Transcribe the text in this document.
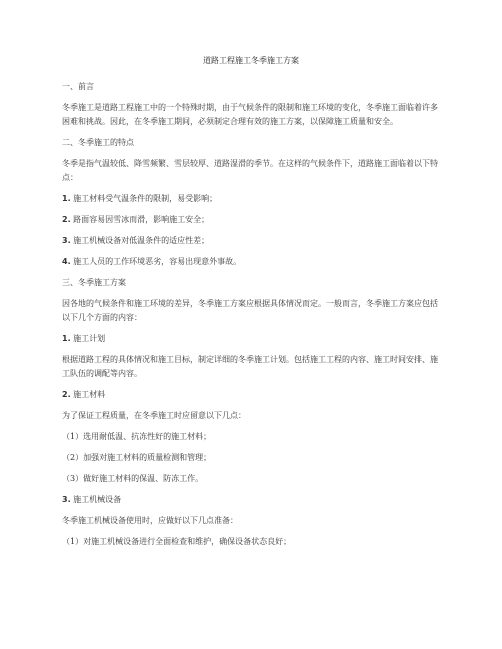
道路工程施工冬季施工方案
一、前言
冬季施工是道路工程施工中的一个特殊时期，由于气候条件的限制和施工环境的变化，冬季施工面临着许多困难和挑战。因此，在冬季施工期间，必须制定合理有效的施工方案，以保障施工质量和安全。
二、冬季施工的特点
冬季是指气温较低、降雪频繁、雪层较厚、道路湿滑的季节。在这样的气候条件下，道路施工面临着以下特点：
1. 施工材料受气温条件的限制，易受影响；
2. 路面容易因雪冰而滑，影响施工安全；
3. 施工机械设备对低温条件的适应性差；
4. 施工人员的工作环境恶劣，容易出现意外事故。
三、冬季施工方案
因各地的气候条件和施工环境的差异，冬季施工方案应根据具体情况而定。一般而言，冬季施工方案应包括以下几个方面的内容：
1. 施工计划
根据道路工程的具体情况和施工目标，制定详细的冬季施工计划。包括施工工程的内容、施工时间安排、施工队伍的调配等内容。
2. 施工材料
为了保证工程质量，在冬季施工时应留意以下几点：
（1）选用耐低温、抗冻性好的施工材料；
（2）加强对施工材料的质量检测和管理；
（3）做好施工材料的保温、防冻工作。
3. 施工机械设备
冬季施工机械设备使用时，应做好以下几点准备：
（1）对施工机械设备进行全面检查和维护，确保设备状态良好；
